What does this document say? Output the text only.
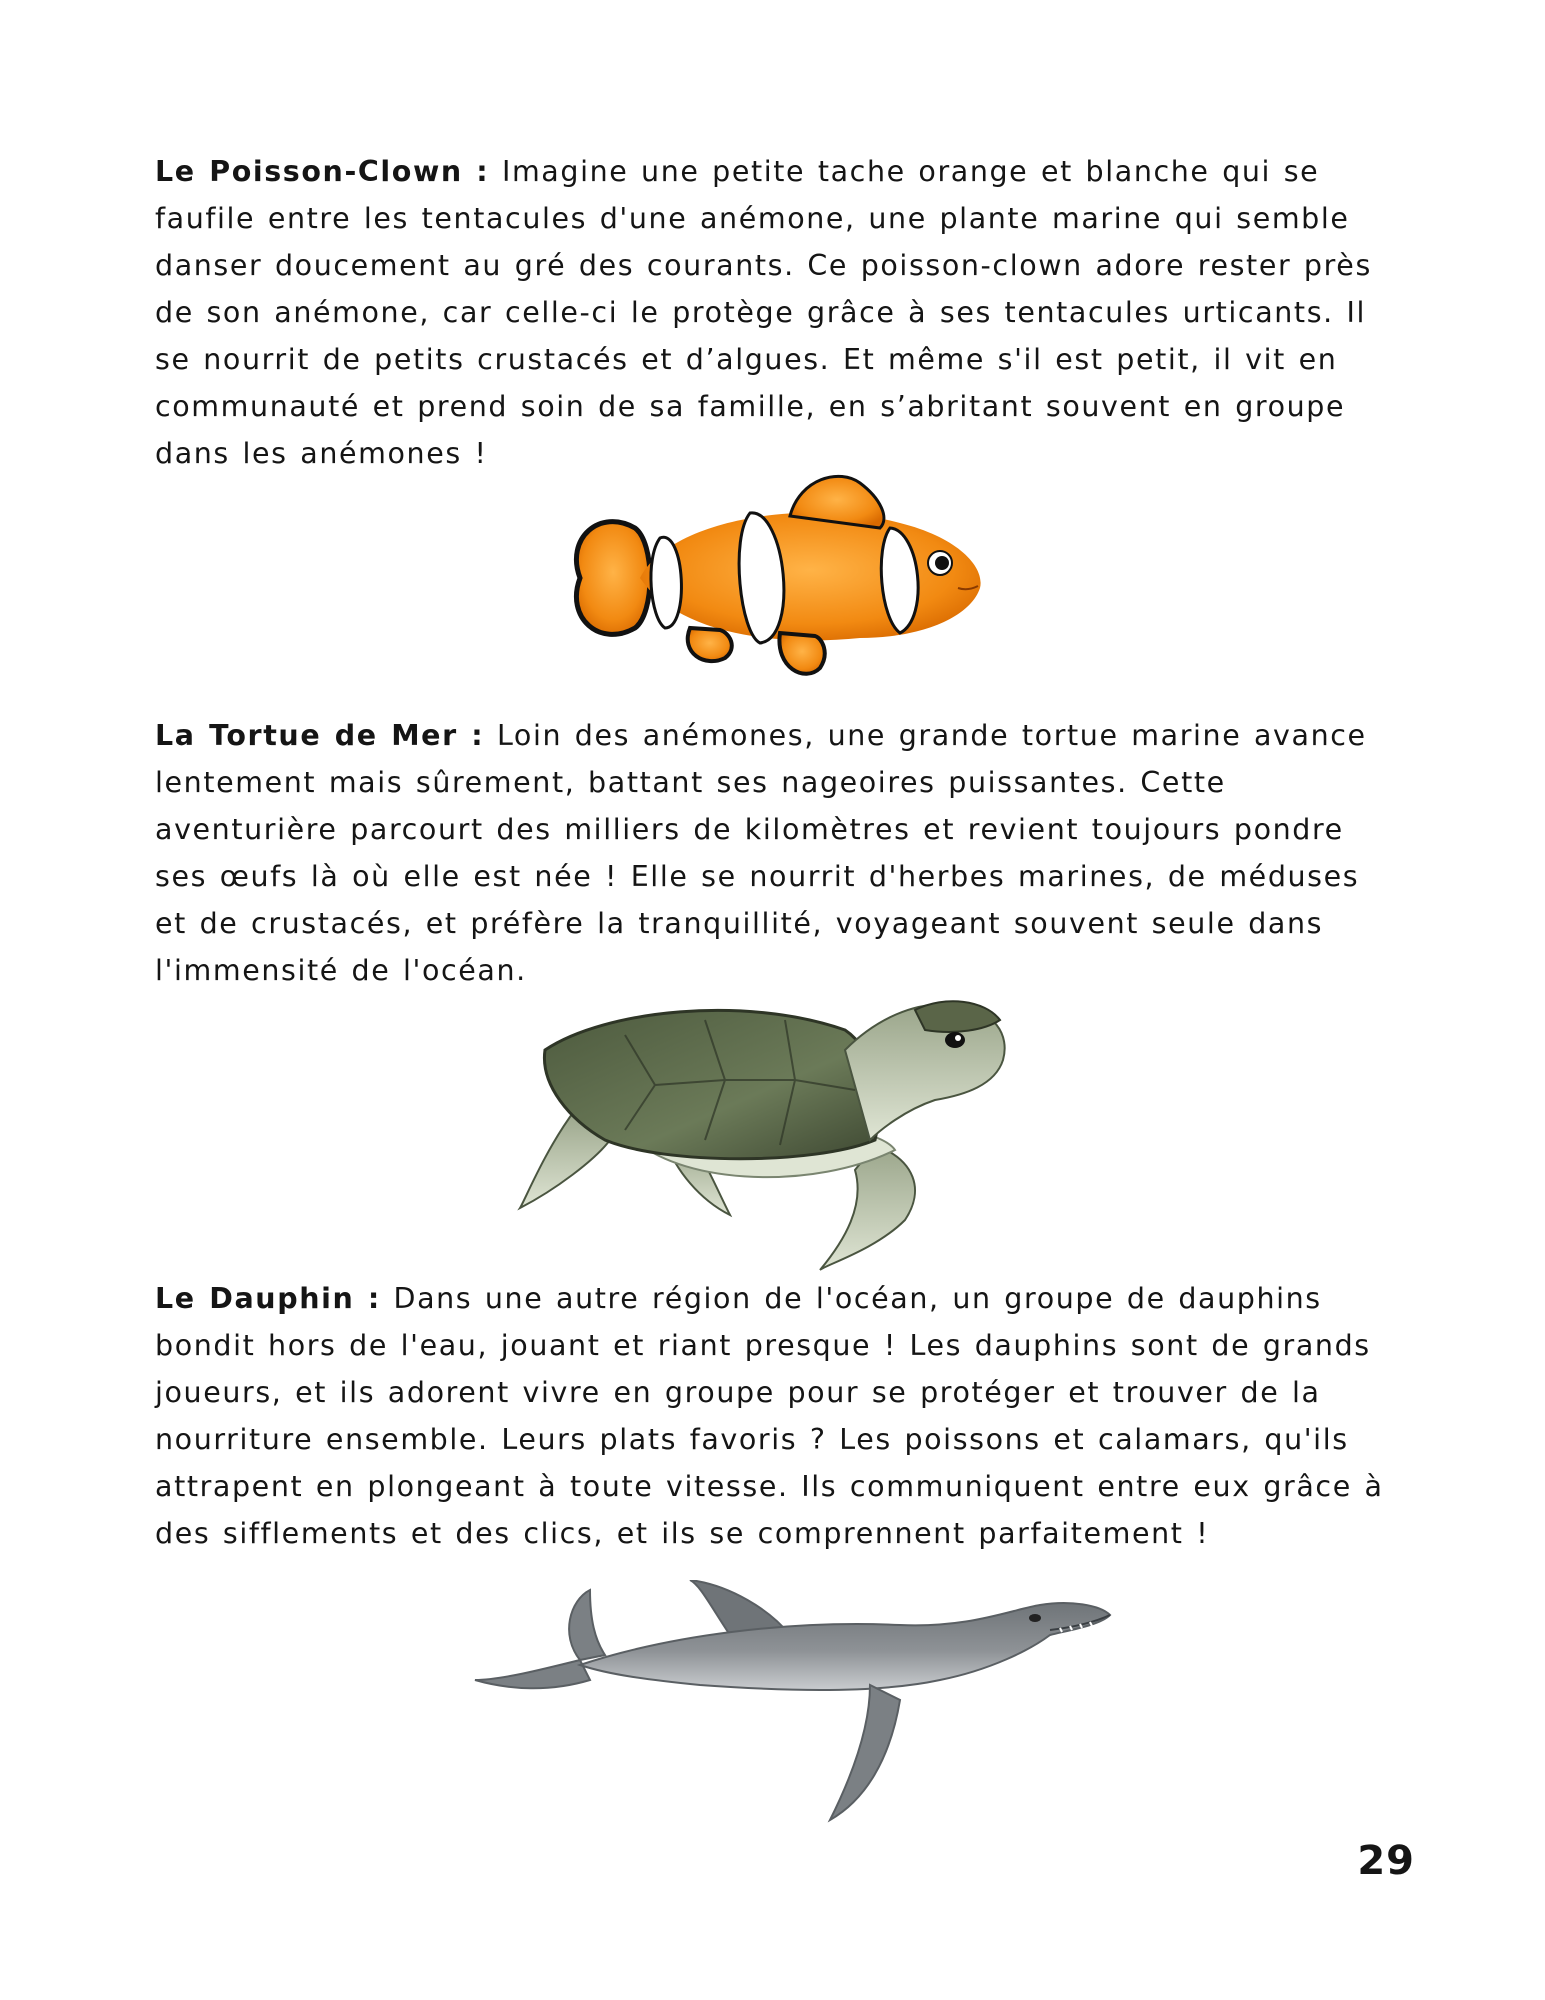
Le Poisson-Clown : Imagine une petite tache orange et blanche qui se faufile entre les tentacules d'une anémone, une plante marine qui semble danser doucement au gré des courants. Ce poisson-clown adore rester près de son anémone, car celle-ci le protège grâce à ses tentacules urticants. Il se nourrit de petits crustacés et d’algues. Et même s'il est petit, il vit en communauté et prend soin de sa famille, en s’abritant souvent en groupe dans les anémones !

La Tortue de Mer : Loin des anémones, une grande tortue marine avance lentement mais sûrement, battant ses nageoires puissantes. Cette aventurière parcourt des milliers de kilomètres et revient toujours pondre ses œufs là où elle est née ! Elle se nourrit d'herbes marines, de méduses et de crustacés, et préfère la tranquillité, voyageant souvent seule dans l'immensité de l'océan.

Le Dauphin : Dans une autre région de l'océan, un groupe de dauphins bondit hors de l'eau, jouant et riant presque ! Les dauphins sont de grands joueurs, et ils adorent vivre en groupe pour se protéger et trouver de la nourriture ensemble. Leurs plats favoris ? Les poissons et calamars, qu'ils attrapent en plongeant à toute vitesse. Ils communiquent entre eux grâce à des sifflements et des clics, et ils se comprennent parfaitement !

29
